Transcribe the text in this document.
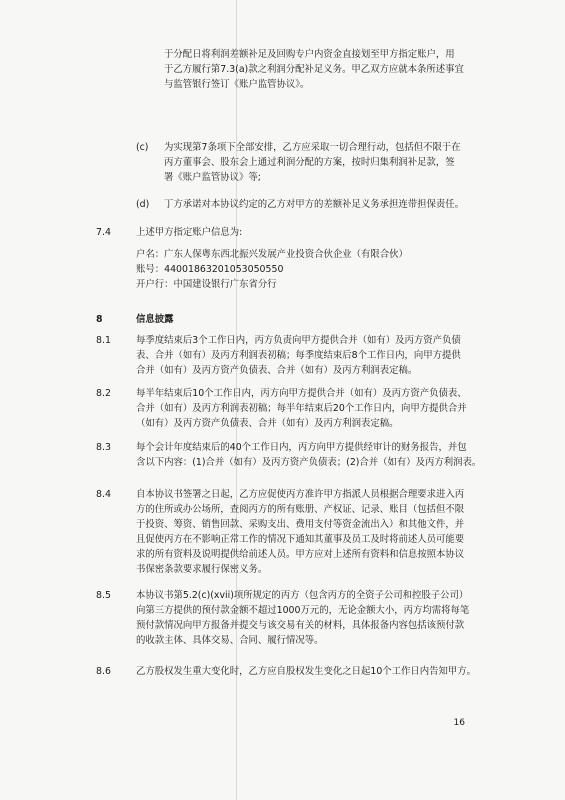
于分配日将利润差额补足及回购专户内资金直接划至甲方指定账户，用
于乙方履行第7.3(a)款之利润分配补足义务。甲乙双方应就本条所述事宜
与监管银行签订《账户监管协议》。

(c) 为实现第7条项下全部安排，乙方应采取一切合理行动，包括但不限于在
丙方董事会、股东会上通过利润分配的方案，按时归集利润补足款，签
署《账户监管协议》等;

(d) 丁方承诺对本协议约定的乙方对甲方的差额补足义务承担连带担保责任。

7.4	上述甲方指定账户信息为:

户名：广东人保粤东西北振兴发展产业投资合伙企业（有限合伙）
账号：44001863201053050550
开户行：中国建设银行广东省分行

8	信息披露
8.1	每季度结束后3个工作日内，丙方负责向甲方提供合并（如有）及丙方资产负债
表、合并（如有）及丙方利润表初稿；每季度结束后8个工作日内，向甲方提供
合并（如有）及丙方资产负债表、合并（如有）及丙方利润表定稿。

8.2	每半年结束后10个工作日内，丙方向甲方提供合并（如有）及丙方资产负债表、
合并（如有）及丙方利润表初稿；每半年结束后20个工作日内，向甲方提供合并
（如有）及丙方资产负债表、合并（如有）及丙方利润表定稿。

8.3	每个会计年度结束后的40个工作日内，丙方向甲方提供经审计的财务报告，并包
含以下内容：(1)合并（如有）及丙方资产负债表；(2)合并（如有）及丙方利润表。

8.4	自本协议书签署之日起，乙方应促使丙方准许甲方指派人员根据合理要求进入丙
方的住所或办公场所，查阅丙方的所有账册、产权证、记录、账目（包括但不限
于投资、筹资、销售回款、采购支出、费用支付等资金流出入）和其他文件，并
且促使丙方在不影响正常工作的情况下通知其董事及员工及时将前述人员可能要
求的所有资料及说明提供给前述人员。甲方应对上述所有资料和信息按照本协议
书保密条款要求履行保密义务。

8.5	本协议书第5.2(c)(xvii)项所规定的丙方（包含丙方的全资子公司和控股子公司）
向第三方提供的预付款金额不超过1000万元的，无论金额大小，丙方均需将每笔
预付款情况向甲方报备并提交与该交易有关的材料，具体报备内容包括该预付款
的收款主体、具体交易、合同、履行情况等。

8.6	乙方股权发生重大变化时，乙方应自股权发生变化之日起10个工作日内告知甲方。

16
